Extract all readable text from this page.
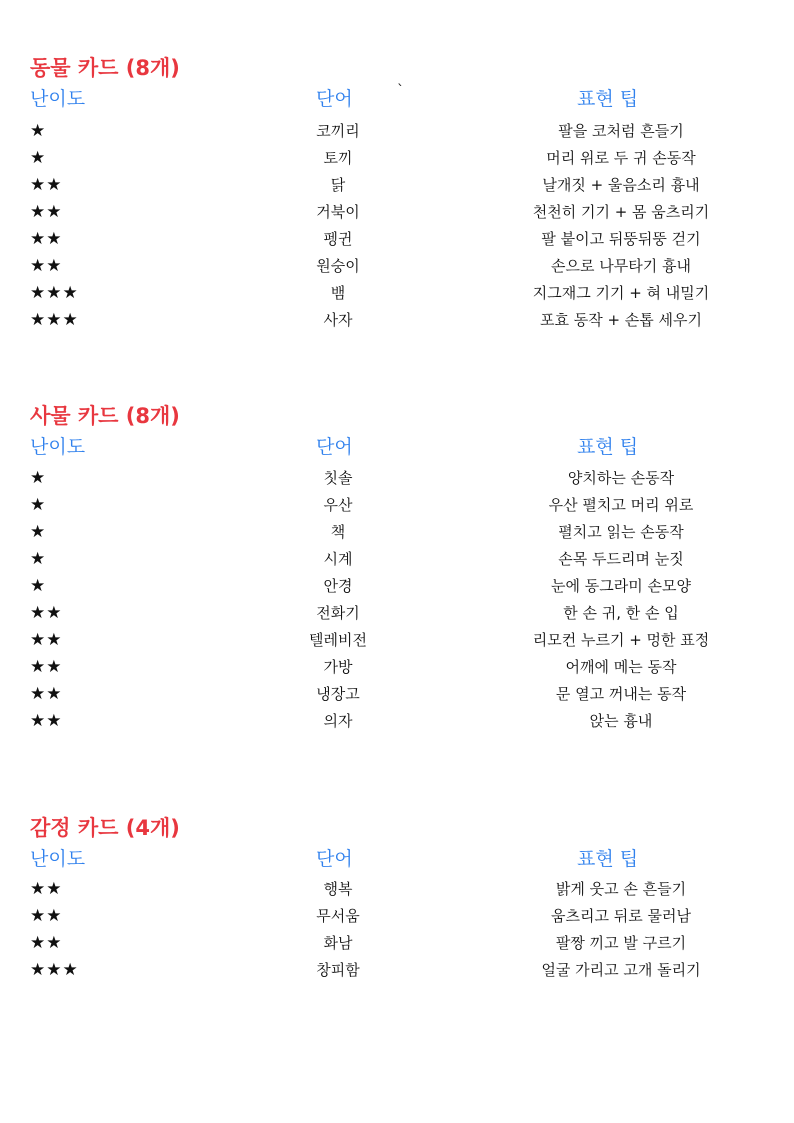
동물 카드 (8개)
난이도	단어	표현 팁
★	코끼리	팔을 코처럼 흔들기
★	토끼	머리 위로 두 귀 손동작
★★	닭	날개짓 + 울음소리 흉내
★★	거북이	천천히 기기 + 몸 움츠리기
★★	펭귄	팔 붙이고 뒤뚱뒤뚱 걷기
★★	원숭이	손으로 나무타기 흉내
★★★	뱀	지그재그 기기 + 혀 내밀기
★★★	사자	포효 동작 + 손톱 세우기
`
사물 카드 (8개)
난이도	단어	표현 팁
★	칫솔	양치하는 손동작
★	우산	우산 펼치고 머리 위로
★	책	펼치고 읽는 손동작
★	시계	손목 두드리며 눈짓
★	안경	눈에 동그라미 손모양
★★	전화기	한 손 귀, 한 손 입
★★	텔레비전	리모컨 누르기 + 멍한 표정
★★	가방	어깨에 메는 동작
★★	냉장고	문 열고 꺼내는 동작
★★	의자	앉는 흉내
감정 카드 (4개)
난이도	단어	표현 팁
★★	행복	밝게 웃고 손 흔들기
★★	무서움	움츠리고 뒤로 물러남
★★	화남	팔짱 끼고 발 구르기
★★★	창피함	얼굴 가리고 고개 돌리기
